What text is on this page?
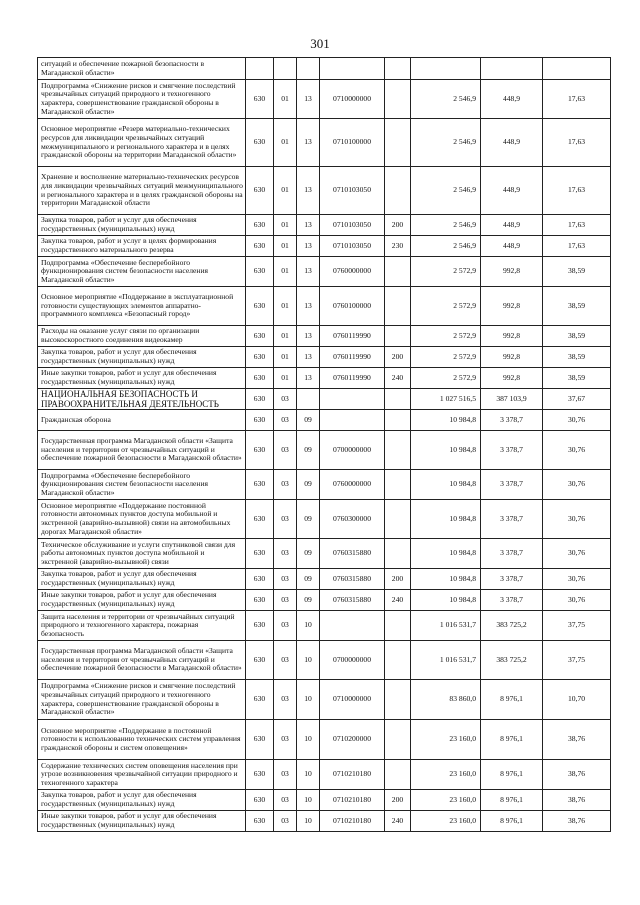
301
ситуаций и обеспечение пожарной безопасности в Магаданской области»								
Подпрограмма «Снижение рисков и смягчение последствий чрезвычайных ситуаций природного и техногенного характера, совершенствование гражданской обороны в Магаданской области»	630	01	13	0710000000		2 546,9	448,9	17,63
Основное мероприятие «Резерв материально-технических ресурсов для ликвидации чрезвычайных ситуаций межмуниципального и регионального характера и в целях гражданской обороны на территории Магаданской области»	630	01	13	0710100000		2 546,9	448,9	17,63
Хранение и восполнение материально-технических ресурсов для ликвидации чрезвычайных ситуаций межмуниципального и регионального характера и в целях гражданской обороны на территории Магаданской области	630	01	13	0710103050		2 546,9	448,9	17,63
Закупка товаров, работ и услуг для обеспечения государственных (муниципальных) нужд	630	01	13	0710103050	200	2 546,9	448,9	17,63
Закупка товаров, работ и услуг в целях формирования государственного материального резерва	630	01	13	0710103050	230	2 546,9	448,9	17,63
Подпрограмма «Обеспечение бесперебойного функционирования систем безопасности населения Магаданской области»	630	01	13	0760000000		2 572,9	992,8	38,59
Основное мероприятие «Поддержание в эксплуатационной готовности существующих элементов аппаратно-программного комплекса «Безопасный город»	630	01	13	0760100000		2 572,9	992,8	38,59
Расходы на оказание услуг связи по организации высокоскоростного соединения видеокамер	630	01	13	0760119990		2 572,9	992,8	38,59
Закупка товаров, работ и услуг для обеспечения государственных (муниципальных) нужд	630	01	13	0760119990	200	2 572,9	992,8	38,59
Иные закупки товаров, работ и услуг для обеспечения государственных (муниципальных) нужд	630	01	13	0760119990	240	2 572,9	992,8	38,59
НАЦИОНАЛЬНАЯ БЕЗОПАСНОСТЬ И ПРАВООХРАНИТЕЛЬНАЯ ДЕЯТЕЛЬНОСТЬ	630	03				1 027 516,5	387 103,9	37,67
Гражданская оборона	630	03	09			10 984,8	3 378,7	30,76
Государственная программа Магаданской области «Защита населения и территории от чрезвычайных ситуаций и обеспечение пожарной безопасности в Магаданской области»	630	03	09	0700000000		10 984,8	3 378,7	30,76
Подпрограмма «Обеспечение бесперебойного функционирования систем безопасности населения Магаданской области»	630	03	09	0760000000		10 984,8	3 378,7	30,76
Основное мероприятие «Поддержание постоянной готовности автономных пунктов доступа мобильной и экстренной (аварийно-вызывной) связи на автомобильных дорогах Магаданской области»	630	03	09	0760300000		10 984,8	3 378,7	30,76
Техническое обслуживание и услуги спутниковой связи для работы автономных пунктов доступа мобильной и экстренной (аварийно-вызывной) связи	630	03	09	0760315880		10 984,8	3 378,7	30,76
Закупка товаров, работ и услуг для обеспечения государственных (муниципальных) нужд	630	03	09	0760315880	200	10 984,8	3 378,7	30,76
Иные закупки товаров, работ и услуг для обеспечения государственных (муниципальных) нужд	630	03	09	0760315880	240	10 984,8	3 378,7	30,76
Защита населения и территории от чрезвычайных ситуаций природного и техногенного характера, пожарная безопасность	630	03	10			1 016 531,7	383 725,2	37,75
Государственная программа Магаданской области «Защита населения и территории от чрезвычайных ситуаций и обеспечение пожарной безопасности в Магаданской области»	630	03	10	0700000000		1 016 531,7	383 725,2	37,75
Подпрограмма «Снижение рисков и смягчение последствий чрезвычайных ситуаций природного и техногенного характера, совершенствование гражданской обороны в Магаданской области»	630	03	10	0710000000		83 860,0	8 976,1	10,70
Основное мероприятие «Поддержание в постоянной готовности к использованию технических систем управления гражданской обороны и систем оповещения»	630	03	10	0710200000		23 160,0	8 976,1	38,76
Содержание технических систем оповещения населения при угрозе возникновения чрезвычайной ситуации природного и техногенного характера	630	03	10	0710210180		23 160,0	8 976,1	38,76
Закупка товаров, работ и услуг для обеспечения государственных (муниципальных) нужд	630	03	10	0710210180	200	23 160,0	8 976,1	38,76
Иные закупки товаров, работ и услуг для обеспечения государственных (муниципальных) нужд	630	03	10	0710210180	240	23 160,0	8 976,1	38,76
